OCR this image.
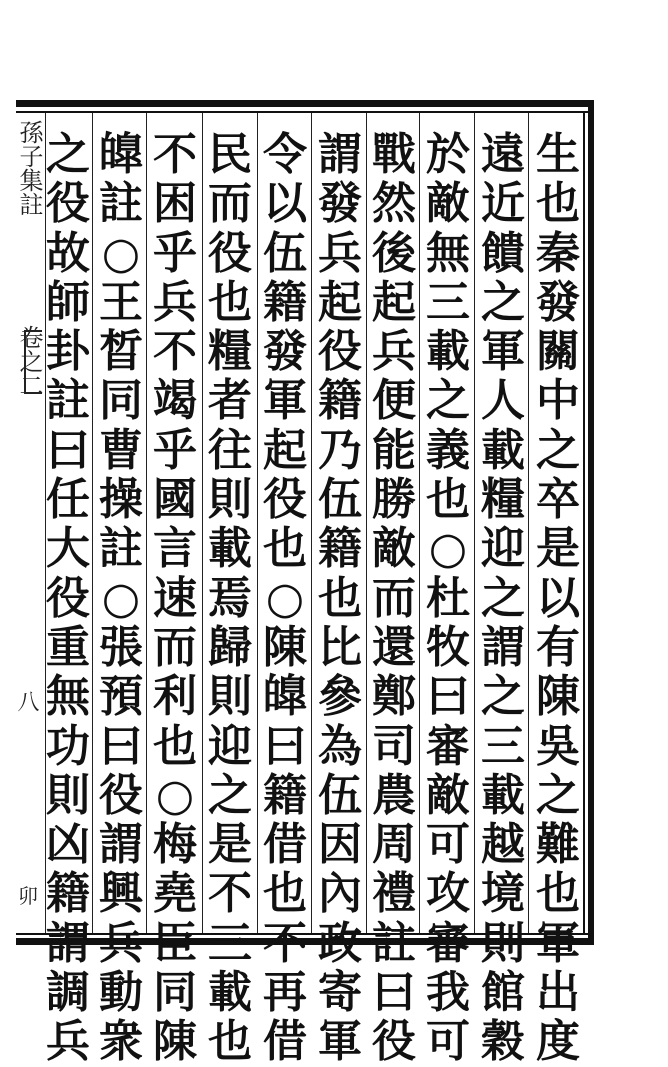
孫子集註
卷之二
八
卯
生
也
秦
發
關
中
之
卒
是
以
有
陳
吳
之
難
也
軍
出
度
遠
近
饋
之
軍
人
載
糧
迎
之
謂
之
三
載
越
境
則
館
穀
於
敵
無
三
載
之
義
也
○
杜
牧
曰
審
敵
可
攻
審
我
可
戰
然
後
起
兵
便
能
勝
敵
而
還
鄭
司
農
周
禮
註
曰
役
謂
發
兵
起
役
籍
乃
伍
籍
也
比
參
為
伍
因
內
政
寄
軍
令
以
伍
籍
發
軍
起
役
也
○
陳
皥
曰
籍
借
也
不
再
借
民
而
役
也
糧
者
往
則
載
焉
歸
則
迎
之
是
不
三
載
也
不
困
乎
兵
不
竭
乎
國
言
速
而
利
也
○
梅
堯
臣
同
陳
皥
註
○
王
晳
同
曹
操
註
○
張
預
曰
役
謂
興
兵
動
衆
之
役
故
師
卦
註
曰
任
大
役
重
無
功
則
凶
籍
謂
調
兵
